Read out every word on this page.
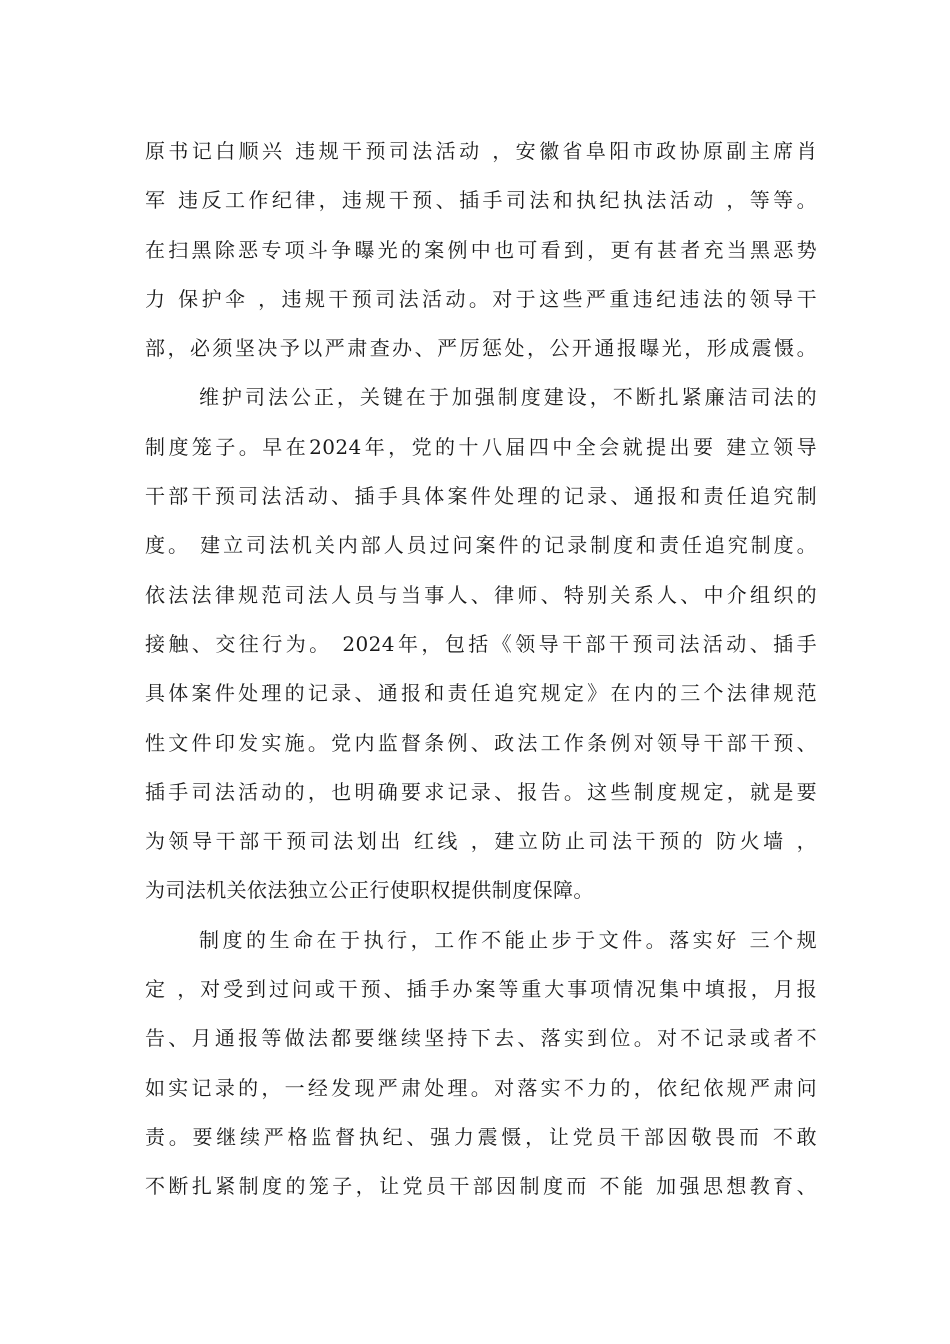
原书记白顺兴 违规干预司法活动 ，安徽省阜阳市政协原副主席肖
军 违反工作纪律，违规干预、插手司法和执纪执法活动 ，等等。
在扫黑除恶专项斗争曝光的案例中也可看到，更有甚者充当黑恶势
力 保护伞 ，违规干预司法活动。对于这些严重违纪违法的领导干
部，必须坚决予以严肃查办、严厉惩处，公开通报曝光，形成震慑。
维护司法公正，关键在于加强制度建设，不断扎紧廉洁司法的
制度笼子。早在2024年，党的十八届四中全会就提出要 建立领导
干部干预司法活动、插手具体案件处理的记录、通报和责任追究制
度。 建立司法机关内部人员过问案件的记录制度和责任追究制度。
依法法律规范司法人员与当事人、律师、特别关系人、中介组织的
接触、交往行为。 2024年，包括《领导干部干预司法活动、插手
具体案件处理的记录、通报和责任追究规定》在内的三个法律规范
性文件印发实施。党内监督条例、政法工作条例对领导干部干预、
插手司法活动的，也明确要求记录、报告。这些制度规定，就是要
为领导干部干预司法划出 红线 ，建立防止司法干预的 防火墙 ，
为司法机关依法独立公正行使职权提供制度保障。
制度的生命在于执行，工作不能止步于文件。落实好 三个规
定 ，对受到过问或干预、插手办案等重大事项情况集中填报，月报
告、月通报等做法都要继续坚持下去、落实到位。对不记录或者不
如实记录的，一经发现严肃处理。对落实不力的，依纪依规严肃问
责。要继续严格监督执纪、强力震慑，让党员干部因敬畏而 不敢
不断扎紧制度的笼子，让党员干部因制度而 不能 加强思想教育、
